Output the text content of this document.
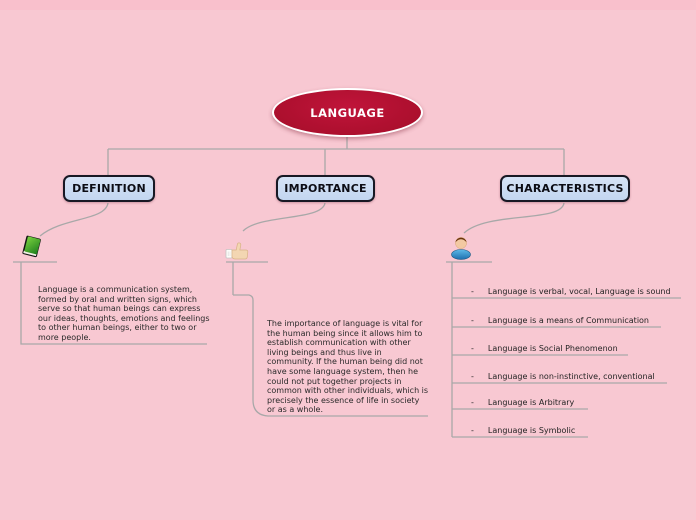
LANGUAGE
DEFINITION	IMPORTANCE	CHARACTERISTICS
Language is a communication system, formed by oral and written signs, which serve so that human beings can express our ideas, thoughts, emotions and feelings to other human beings, either to two or more people.
The importance of language is vital for the human being since it allows him to establish communication with other living beings and thus live in community. If the human being did not have some language system, then he could not put together projects in common with other individuals, which is precisely the essence of life in society or as a whole.
- Language is verbal, vocal, Language is sound
- Language is a means of Communication
- Language is Social Phenomenon
- Language is non-instinctive, conventional
- Language is Arbitrary
- Language is Symbolic
